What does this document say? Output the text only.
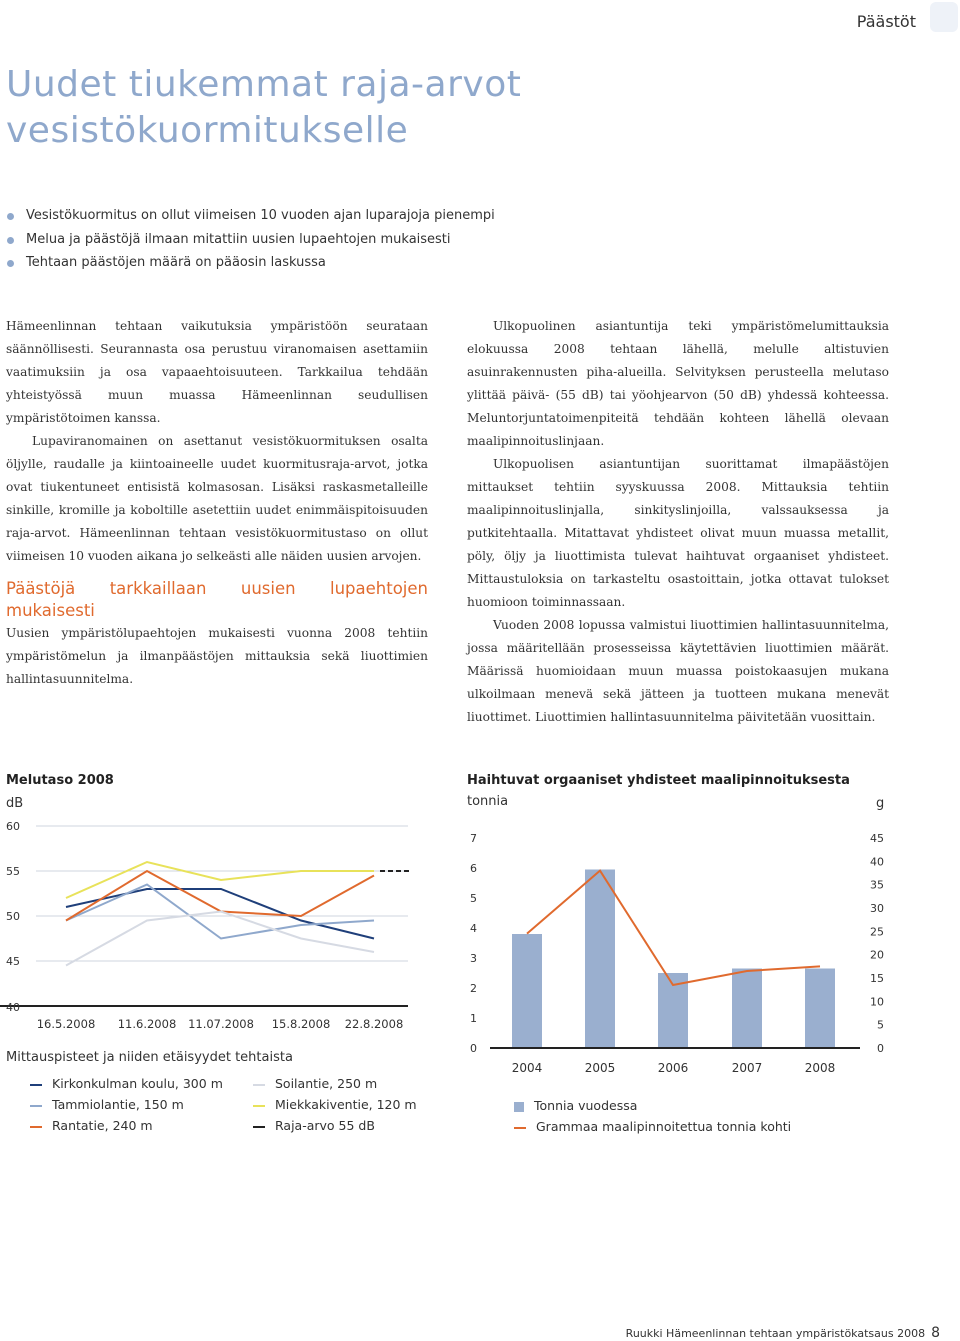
Päästöt
Uudet tiukemmat raja-arvot vesistökuormitukselle
Vesistökuormitus on ollut viimeisen 10 vuoden ajan luparajoja pienempi
Melua ja päästöjä ilmaan mitattiin uusien lupaehtojen mukaisesti
Tehtaan päästöjen määrä on pääosin laskussa

Hämeenlinnan tehtaan vaikutuksia ympäristöön seurataan säännöllisesti. Seurannasta osa perustuu viranomaisen asettamiin vaatimuksiin ja osa vapaaehtoisuuteen. Tarkkailua tehdään yhteistyössä muun muassa Hämeenlinnan seudullisen ympäristötoimen kanssa.

Lupaviranomainen on asettanut vesistökuormituksen osalta öljylle, raudalle ja kiintoaineelle uudet kuormitusraja-arvot, jotka ovat tiukentuneet entisistä kolmasosan. Lisäksi raskasmetalleille sinkille, kromille ja koboltille asetettiin uudet enimmäispitoisuuden raja-arvot. Hämeenlinnan tehtaan vesistökuormitustaso on ollut viimeisen 10 vuoden aikana jo selkeästi alle näiden uusien arvojen.

Päästöjä tarkkaillaan uusien lupaehtojen mukaisesti

Uusien ympäristölupaehtojen mukaisesti vuonna 2008 tehtiin ympäristömelun ja ilmanpäästöjen mittauksia sekä liuottimien hallintasuunnitelma.

Ulkopuolinen asiantuntija teki ympäristömelumittauksia elokuussa 2008 tehtaan lähellä, melulle altistuvien asuinrakennusten piha-alueilla. Selvityksen perusteella melutaso ylittää päivä- (55 dB) tai yöohjearvon (50 dB) yhdessä kohteessa. Meluntorjuntatoimenpiteitä tehdään kohteen lähellä olevaan maalipinnoituslinjaan.

Ulkopuolisen asiantuntijan suorittamat ilmapäästöjen mittaukset tehtiin syyskuussa 2008. Mittauksia tehtiin maalipinnoituslinjalla, sinkityslinjoilla, valssauksessa ja putkitehtaalla. Mitattavat yhdisteet olivat muun muassa metallit, pöly, öljy ja liuottimista tulevat haihtuvat orgaaniset yhdisteet. Mittaustuloksia on tarkasteltu osastoittain, jotka ottavat tulokset huomioon toiminnassaan.

Vuoden 2008 lopussa valmistui liuottimien hallintasuunnitelma, jossa määritellään prosesseissa käytettävien liuottimien määrät. Määrissä huomioidaan muun muassa poistokaasujen mukana ulkoilmaan menevä sekä jätteen ja tuotteen mukana menevät liuottimet. Liuottimien hallintasuunnitelma päivitetään vuosittain.

Melutaso 2008
dB
60
55
50
45
40
16.5.2008 11.6.2008 11.07.2008 15.8.2008 22.8.2008
Mittauspisteet ja niiden etäisyydet tehtaista
Kirkonkulman koulu, 300 m
Tammiolantie, 150 m
Rantatie, 240 m
Soilantie, 250 m
Miekkakiventie, 120 m
Raja-arvo 55 dB
Haihtuvat orgaaniset yhdisteet maalipinnoituksesta
tonnia	g
7
6
5
4
3
2
1
0
45
40
35
30
25
20
15
10
5
0
2004	2005	2006	2007	2008
Tonnia vuodessa
Grammaa maalipinnoitettua tonnia kohti
Ruukki Hämeenlinnan tehtaan ympäristökatsaus 2008 8
